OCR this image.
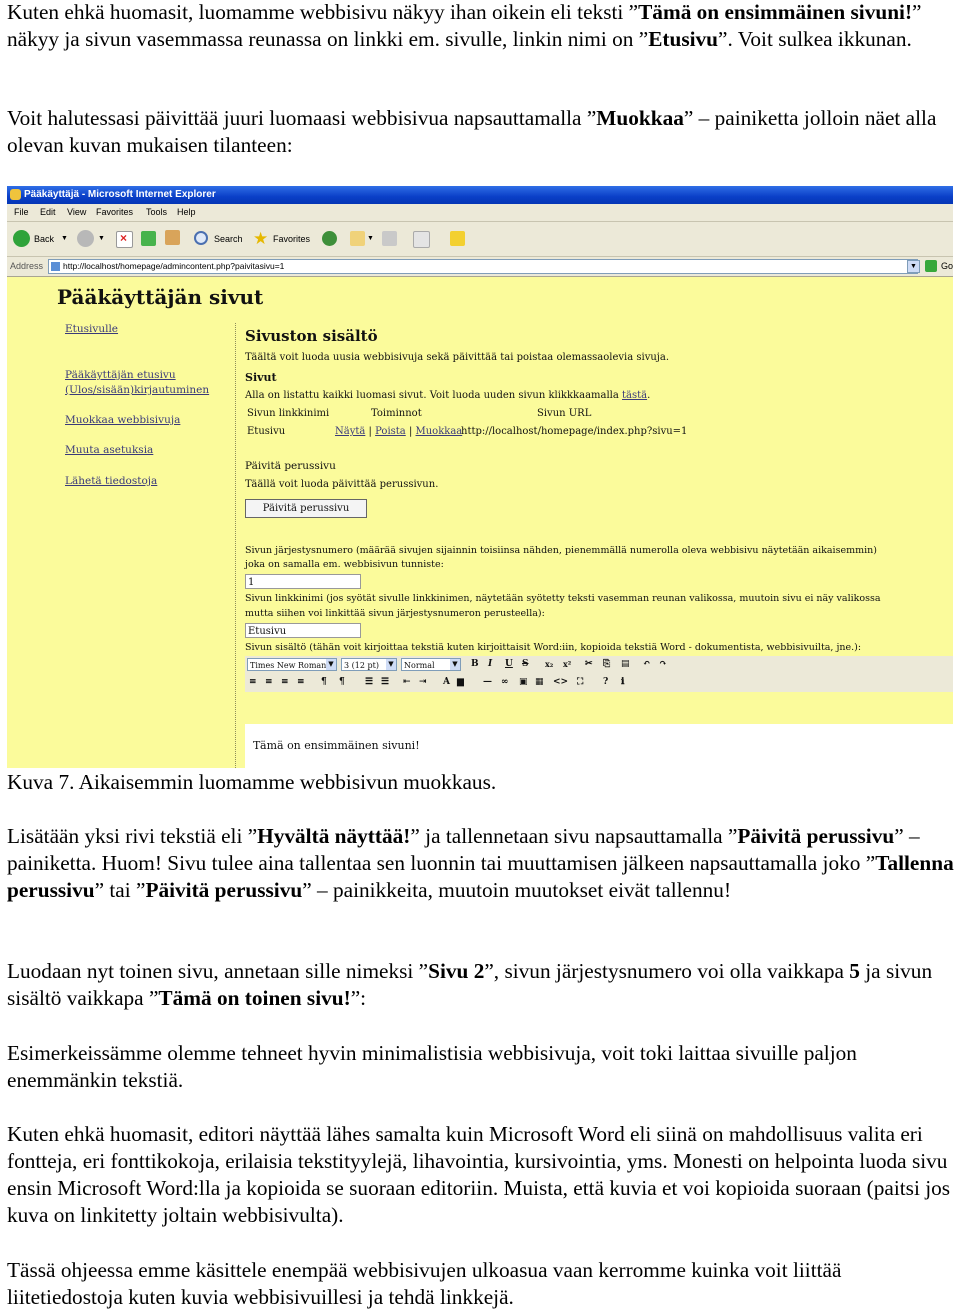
Kuten ehkä huomasit, luomamme webbisivu näkyy ihan oikein eli teksti ”Tämä on ensimmäinen sivuni!” näkyy ja sivun vasemmassa reunassa on linkki em. sivulle, linkin nimi on ”Etusivu”. Voit sulkea ikkunan.

Voit halutessasi päivittää juuri luomaasi webbisivua napsauttamalla ”Muokkaa” – painiketta jolloin näet alla olevan kuvan mukaisen tilanteen:

Pääkäyttäjä - Microsoft Internet Explorer
File Edit View Favorites Tools Help
Back ▼	▼ ×	Search ★ Favorites	▼
Address http://localhost/homepage/admincontent.php?paivitasivu=1	▼	Go
Pääkäyttäjän sivut
Etusivulle
Pääkäyttäjän etusivu
(Ulos/sisään)kirjautuminen
Muokkaa webbisivuja
Muuta asetuksia
Lähetä tiedostoja
Sivuston sisältö
Täältä voit luoda uusia webbisivuja sekä päivittää tai poistaa olemassaolevia sivuja.
Sivut
Alla on listattu kaikki luomasi sivut. Voit luoda uuden sivun klikkkaamalla tästä.
Sivun linkkinimi	Toiminnot	Sivun URL
Etusivu	Näytä | Poista | Muokkaa
http://localhost/homepage/index.php?sivu=1
Päivitä perussivu
Täällä voit luoda päivittää perussivun.
Päivitä perussivu
Sivun järjestysnumero (määrää sivujen sijainnin toisiinsa nähden, pienemmällä numerolla oleva webbisivu näytetään aikaisemmin)
joka on samalla em. webbisivun tunniste:
1
Sivun linkkinimi (jos syötät sivulle linkkinimen, näytetään syötetty teksti vasemman reunan valikossa, muutoin sivu ei näy valikossa
mutta siihen voi linkittää sivun järjestysnumeron perusteella):
Etusivu
Sivun sisältö (tähän voit kirjoittaa tekstiä kuten kirjoittaisit Word:iin, kopioida tekstiä Word - dokumentista, webbisivuilta, jne.):
Times New Roman ▼	3 (12 pt)	▼	Normal	▼ B I	U S	x₂ x² ✂ ⎘	▤ ↶ ↷
≡ ≡ ≡ ≡ ¶	¶	☰ ☰ ⇤ ⇥ A ▆	— ∞ ▣ ▦ <> ⛶	?	ℹ
Tämä on ensimmäinen sivuni!
Kuva 7. Aikaisemmin luomamme webbisivun muokkaus.

Lisätään yksi rivi tekstiä eli ”Hyvältä näyttää!” ja tallennetaan sivu napsauttamalla ”Päivitä perussivu” – painiketta. Huom! Sivu tulee aina tallentaa sen luonnin tai muuttamisen jälkeen napsauttamalla joko ”Tallenna perussivu” tai ”Päivitä perussivu” – painikkeita, muutoin muutokset eivät tallennu!

Luodaan nyt toinen sivu, annetaan sille nimeksi ”Sivu 2”, sivun järjestysnumero voi olla vaikkapa 5 ja sivun sisältö vaikkapa ”Tämä on toinen sivu!”:

Esimerkeissämme olemme tehneet hyvin minimalistisia webbisivuja, voit toki laittaa sivuille paljon enemmänkin tekstiä.

Kuten ehkä huomasit, editori näyttää lähes samalta kuin Microsoft Word eli siinä on mahdollisuus valita eri fontteja, eri fonttikokoja, erilaisia tekstityylejä, lihavointia, kursivointia, yms. Monesti on helpointa luoda sivu ensin Microsoft Word:lla ja kopioida se suoraan editoriin. Muista, että kuvia et voi kopioida suoraan (paitsi jos kuva on linkitetty joltain webbisivulta).

Tässä ohjeessa emme käsittele enempää webbisivujen ulkoasua vaan kerromme kuinka voit liittää liitetiedostoja kuten kuvia webbisivuillesi ja tehdä linkkejä.
